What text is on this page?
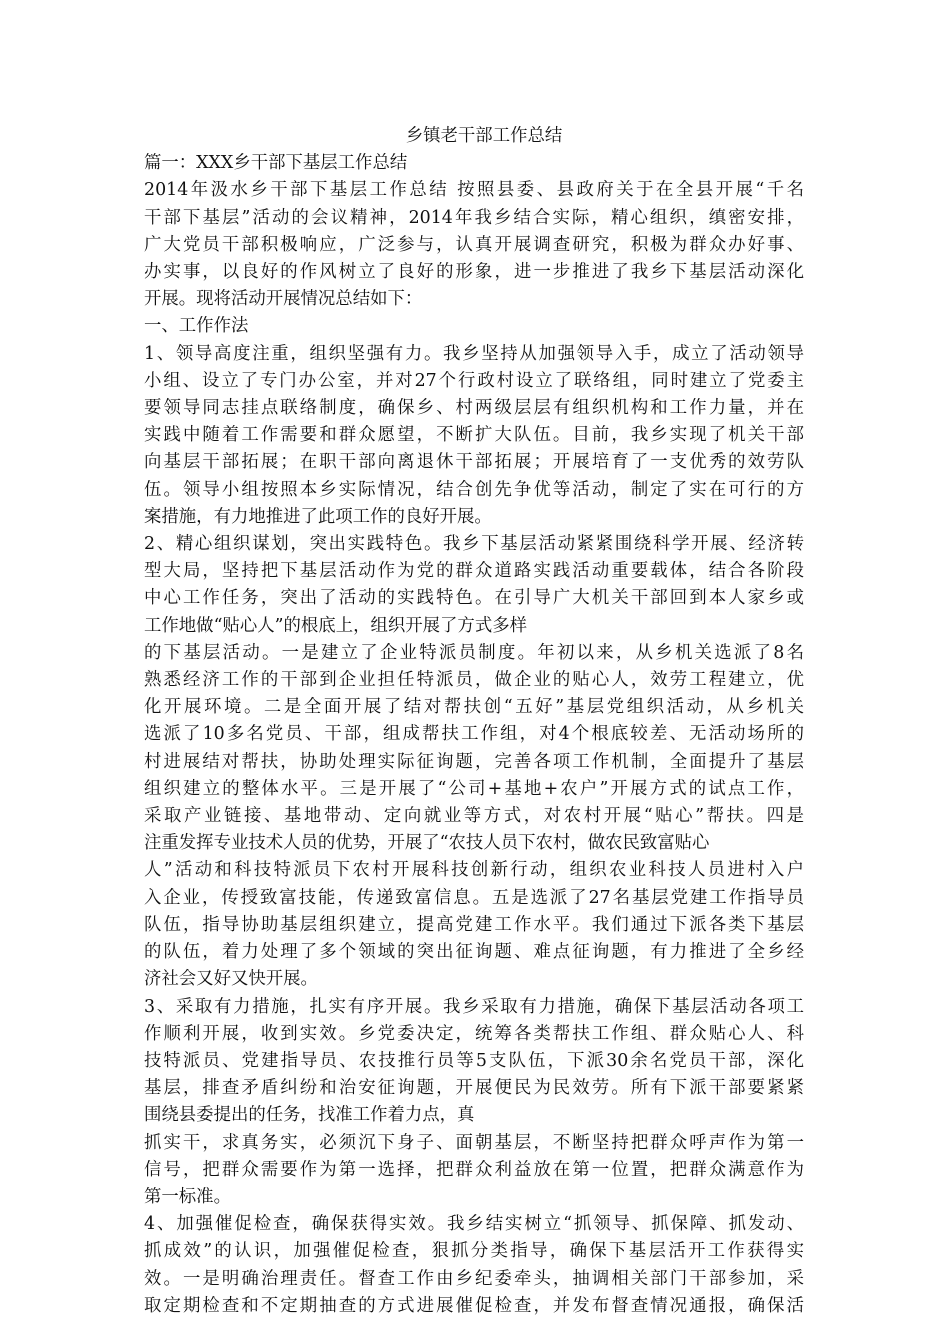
乡镇老干部工作总结

篇一：XXX乡干部下基层工作总结

2014年汲水乡干部下基层工作总结 按照县委、县政府关于在全县开展“千名

干部下基层”活动的会议精神，2014年我乡结合实际，精心组织，缜密安排，

广大党员干部积极响应，广泛参与，认真开展调查研究，积极为群众办好事、

办实事，以良好的作风树立了良好的形象，进一步推进了我乡下基层活动深化

开展。现将活动开展情况总结如下：

一、工作作法

1、领导高度注重，组织坚强有力。我乡坚持从加强领导入手，成立了活动领导

小组、设立了专门办公室，并对27个行政村设立了联络组，同时建立了党委主

要领导同志挂点联络制度，确保乡、村两级层层有组织机构和工作力量，并在

实践中随着工作需要和群众愿望，不断扩大队伍。目前，我乡实现了机关干部

向基层干部拓展；在职干部向离退休干部拓展；开展培育了一支优秀的效劳队

伍。领导小组按照本乡实际情况，结合创先争优等活动，制定了实在可行的方

案措施，有力地推进了此项工作的良好开展。

2、精心组织谋划，突出实践特色。我乡下基层活动紧紧围绕科学开展、经济转

型大局，坚持把下基层活动作为党的群众道路实践活动重要载体，结合各阶段

中心工作任务，突出了活动的实践特色。在引导广大机关干部回到本人家乡或

工作地做“贴心人”的根底上，组织开展了方式多样

的下基层活动。一是建立了企业特派员制度。年初以来，从乡机关选派了8名

熟悉经济工作的干部到企业担任特派员，做企业的贴心人，效劳工程建立，优

化开展环境。二是全面开展了结对帮扶创“五好”基层党组织活动，从乡机关

选派了10多名党员、干部，组成帮扶工作组，对4个根底较差、无活动场所的

村进展结对帮扶，协助处理实际征询题，完善各项工作机制，全面提升了基层

组织建立的整体水平。三是开展了“公司+基地+农户”开展方式的试点工作，

采取产业链接、基地带动、定向就业等方式，对农村开展“贴心”帮扶。四是

注重发挥专业技术人员的优势，开展了“农技人员下农村，做农民致富贴心

人”活动和科技特派员下农村开展科技创新行动，组织农业科技人员进村入户

入企业，传授致富技能，传递致富信息。五是选派了27名基层党建工作指导员

队伍，指导协助基层组织建立，提高党建工作水平。我们通过下派各类下基层

的队伍，着力处理了多个领域的突出征询题、难点征询题，有力推进了全乡经

济社会又好又快开展。

3、采取有力措施，扎实有序开展。我乡采取有力措施，确保下基层活动各项工

作顺利开展，收到实效。乡党委决定，统筹各类帮扶工作组、群众贴心人、科

技特派员、党建指导员、农技推行员等5支队伍，下派30余名党员干部，深化

基层，排查矛盾纠纷和治安征询题，开展便民为民效劳。所有下派干部要紧紧

围绕县委提出的任务，找准工作着力点，真

抓实干，求真务实，必须沉下身子、面朝基层，不断坚持把群众呼声作为第一

信号，把群众需要作为第一选择，把群众利益放在第一位置，把群众满意作为

第一标准。

4、加强催促检查，确保获得实效。我乡结实树立“抓领导、抓保障、抓发动、

抓成效”的认识，加强催促检查，狠抓分类指导，确保下基层活开工作获得实

效。一是明确治理责任。督查工作由乡纪委牵头，抽调相关部门干部参加，采

取定期检查和不定期抽查的方式进展催促检查，并发布督查情况通报，确保活
